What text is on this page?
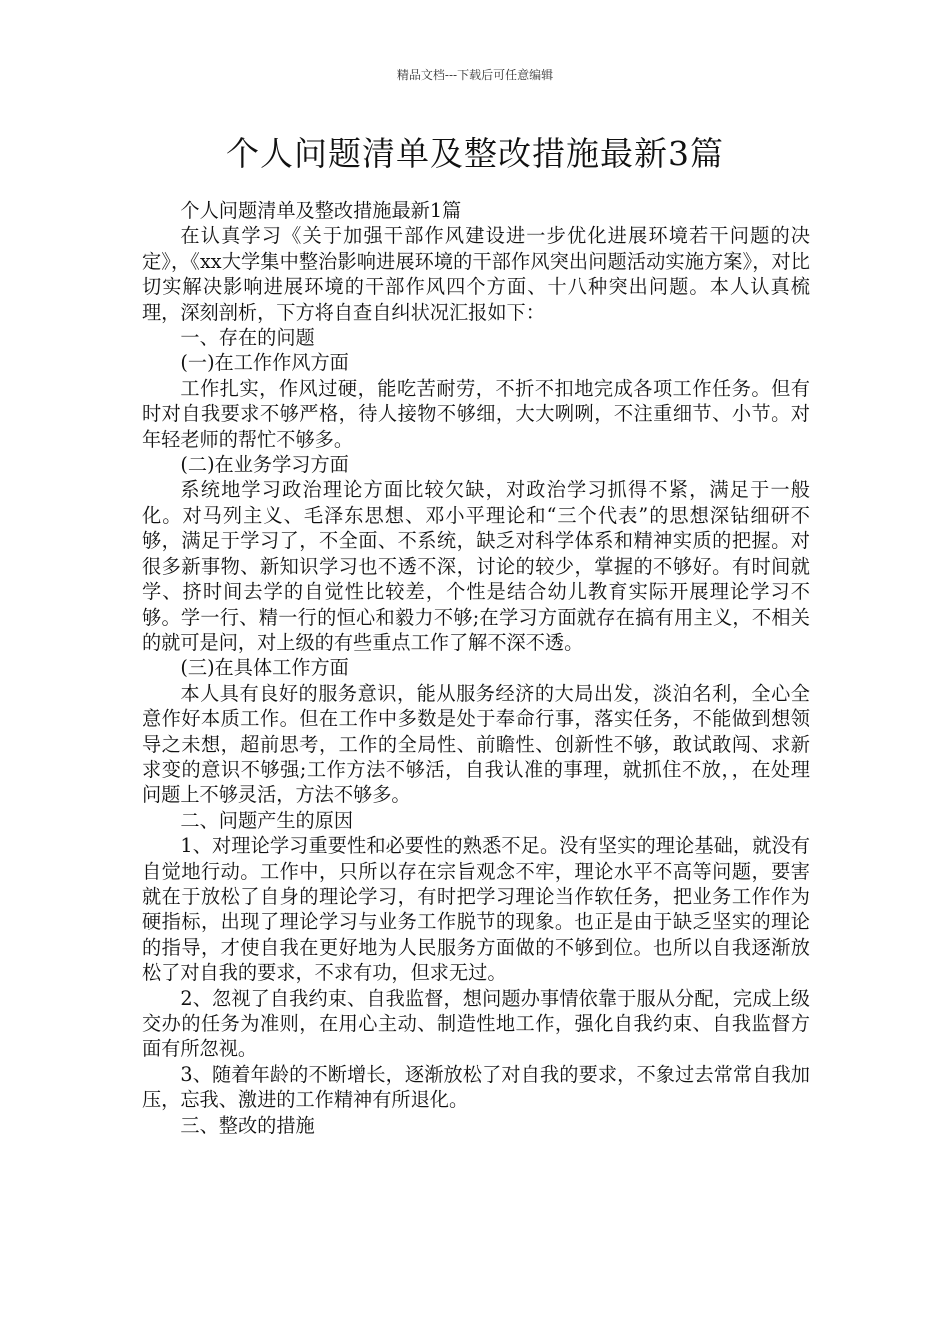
精品文档---下载后可任意编辑
个人问题清单及整改措施最新3篇

个人问题清单及整改措施最新1篇

在认真学习《关于加强干部作风建设进一步优化进展环境若干问题的决定》，《xx大学集中整治影响进展环境的干部作风突出问题活动实施方案》，对比切实解决影响进展环境的干部作风四个方面、十八种突出问题。本人认真梳理，深刻剖析，下方将自查自纠状况汇报如下：

一、存在的问题

(一)在工作作风方面

工作扎实，作风过硬，能吃苦耐劳，不折不扣地完成各项工作任务。但有时对自我要求不够严格，待人接物不够细，大大咧咧，不注重细节、小节。对年轻老师的帮忙不够多。

(二)在业务学习方面

系统地学习政治理论方面比较欠缺，对政治学习抓得不紧，满足于一般化。对马列主义、毛泽东思想、邓小平理论和“三个代表”的思想深钻细研不够，满足于学习了，不全面、不系统，缺乏对科学体系和精神实质的把握。对很多新事物、新知识学习也不透不深，讨论的较少，掌握的不够好。有时间就学、挤时间去学的自觉性比较差，个性是结合幼儿教育实际开展理论学习不够。学一行、精一行的恒心和毅力不够;在学习方面就存在搞有用主义，不相关的就可是问，对上级的有些重点工作了解不深不透。

(三)在具体工作方面

本人具有良好的服务意识，能从服务经济的大局出发，淡泊名利，全心全意作好本质工作。但在工作中多数是处于奉命行事，落实任务，不能做到想领导之未想，超前思考，工作的全局性、前瞻性、创新性不够，敢试敢闯、求新求变的意识不够强;工作方法不够活，自我认准的事理，就抓住不放，，在处理问题上不够灵活，方法不够多。

二、问题产生的原因

1、对理论学习重要性和必要性的熟悉不足。没有坚实的理论基础，就没有自觉地行动。工作中，只所以存在宗旨观念不牢，理论水平不高等问题，要害就在于放松了自身的理论学习，有时把学习理论当作软任务，把业务工作作为硬指标，出现了理论学习与业务工作脱节的现象。也正是由于缺乏坚实的理论的指导，才使自我在更好地为人民服务方面做的不够到位。也所以自我逐渐放松了对自我的要求，不求有功，但求无过。

2、忽视了自我约束、自我监督，想问题办事情依靠于服从分配，完成上级交办的任务为准则，在用心主动、制造性地工作，强化自我约束、自我监督方面有所忽视。

3、随着年龄的不断增长，逐渐放松了对自我的要求，不象过去常常自我加压，忘我、激进的工作精神有所退化。

三、整改的措施
